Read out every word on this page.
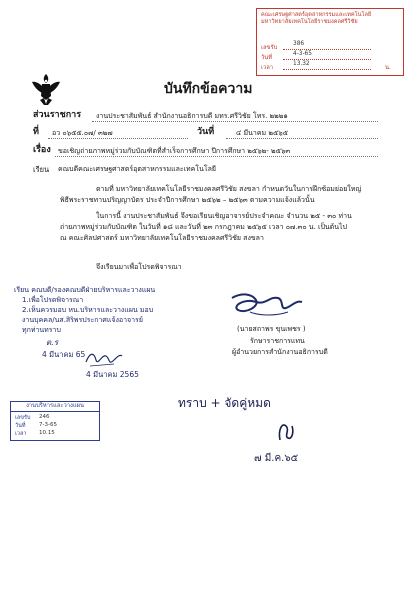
คณะเศรษฐศาสตร์อุตสาหกรรมและเทคโนโลยี มหาวิทยาลัยเทคโนโลยีราชมงคลศรีวิชัย
เลขรับ
386
วันที่
4-3-65
เวลา
13.32
น.
บันทึกข้อความ
ส่วนราชการ งานประชาสัมพันธ์ สำนักงานอธิการบดี มทร.ศรีวิชัย โทร. ๒๒๒๑
ที่ อว ๐๖๕๕.๐๗/ ๓๒๗	วันที่	๔ มีนาคม ๒๕๖๕
เรื่อง ขอเชิญถ่ายภาพหมู่ร่วมกับบัณฑิตที่สำเร็จการศึกษา ปีการศึกษา ๒๕๖๒- ๒๕๖๓
เรียน คณบดีคณะเศรษฐศาสตร์อุตสาหกรรมและเทคโนโลยี
ตามที่ มหาวิทยาลัยเทคโนโลยีราชมงคลศรีวิชัย สงขลา กำหนดวันในการฝึกซ้อมย่อยใหญ่
พิธีพระราชทานปริญญาบัตร ประจำปีการศึกษา ๒๕๖๒ – ๒๕๖๓ ตามความแจ้งแล้วนั้น
ในการนี้ งานประชาสัมพันธ์ จึงขอเรียนเชิญอาจารย์ประจำคณะ จำนวน ๒๕ - ๓๐ ท่าน
ถ่ายภาพหมู่ร่วมกับบัณฑิต ในวันที่ ๑๘ และวันที่ ๒๓ กรกฎาคม ๒๕๖๕ เวลา ๐๗.๓๐ น. เป็นต้นไป
ณ คณะศิลปศาสตร์ มหาวิทยาลัยเทคโนโลยีราชมงคลศรีวิชัย สงขลา
จึงเรียนมาเพื่อโปรดพิจารณา
เรียน คณบดี/รองคณบดีฝ่ายบริหารและวางแผน
1.เพื่อโปรดพิจารณา
2.เห็นควรมอบ หน.บริหารและวางแผน มอบ
งานบุคคล/นส.สิริพรประกาศแจ้งอาจารย์
ทุกท่านทราบ
ต.ร
4 มีนาคม 65
4 มีนาคม 2565
(นายสถาพร ขุนเพชร )
รักษาราชการแทน
ผู้อำนวยการสำนักงานอธิการบดี
งานบริหารและวางแผน
เลขรับ 246
วันที่ 7-3-65
เวลา 10.15
ทราบ + จัดคู่หมด
๗ มี.ค.๖๕
